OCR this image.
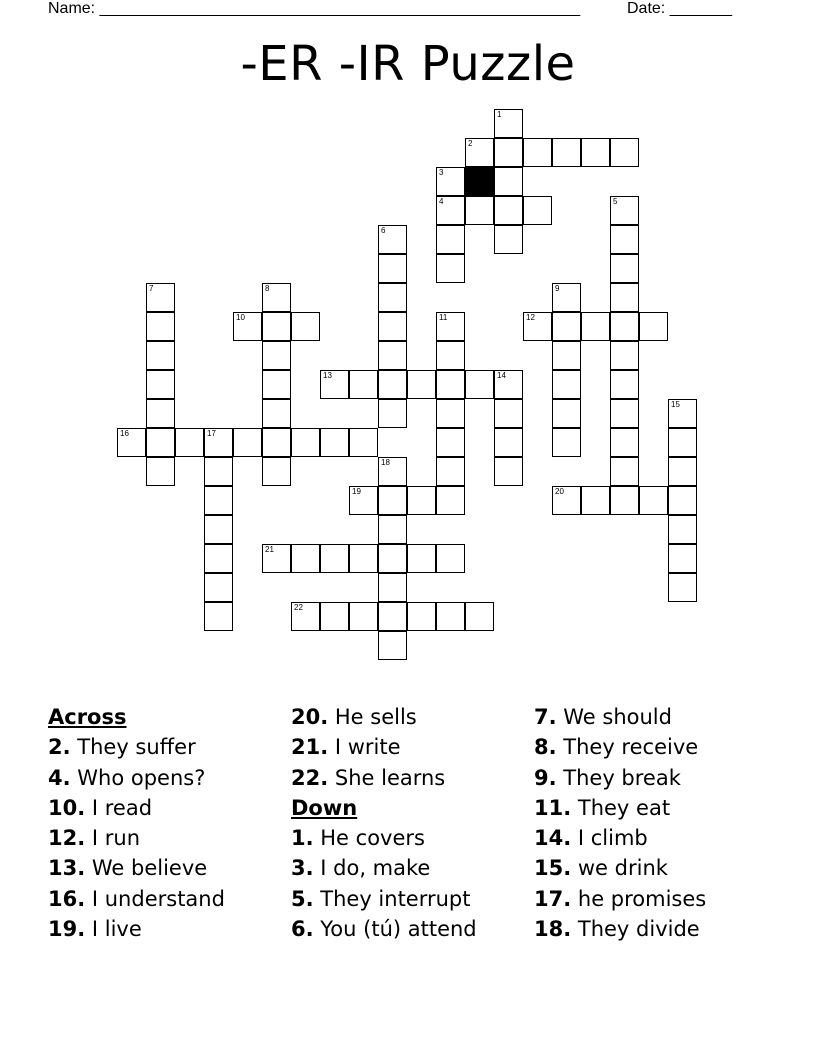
Name: ______________________________________________________	Date: _______
-ER -IR Puzzle
2
4
10	12
13	14
16	17
19	20
21
22
1
3
5
6
7	8	9
11
15
18
Across
2. They suffer
4. Who opens?
10. I read
12. I run
13. We believe
16. I understand
19. I live
20. He sells
21. I write
22. She learns
Down
1. He covers
3. I do, make
5. They interrupt
6. You (tú) attend
7. We should
8. They receive
9. They break
11. They eat
14. I climb
15. we drink
17. he promises
18. They divide
